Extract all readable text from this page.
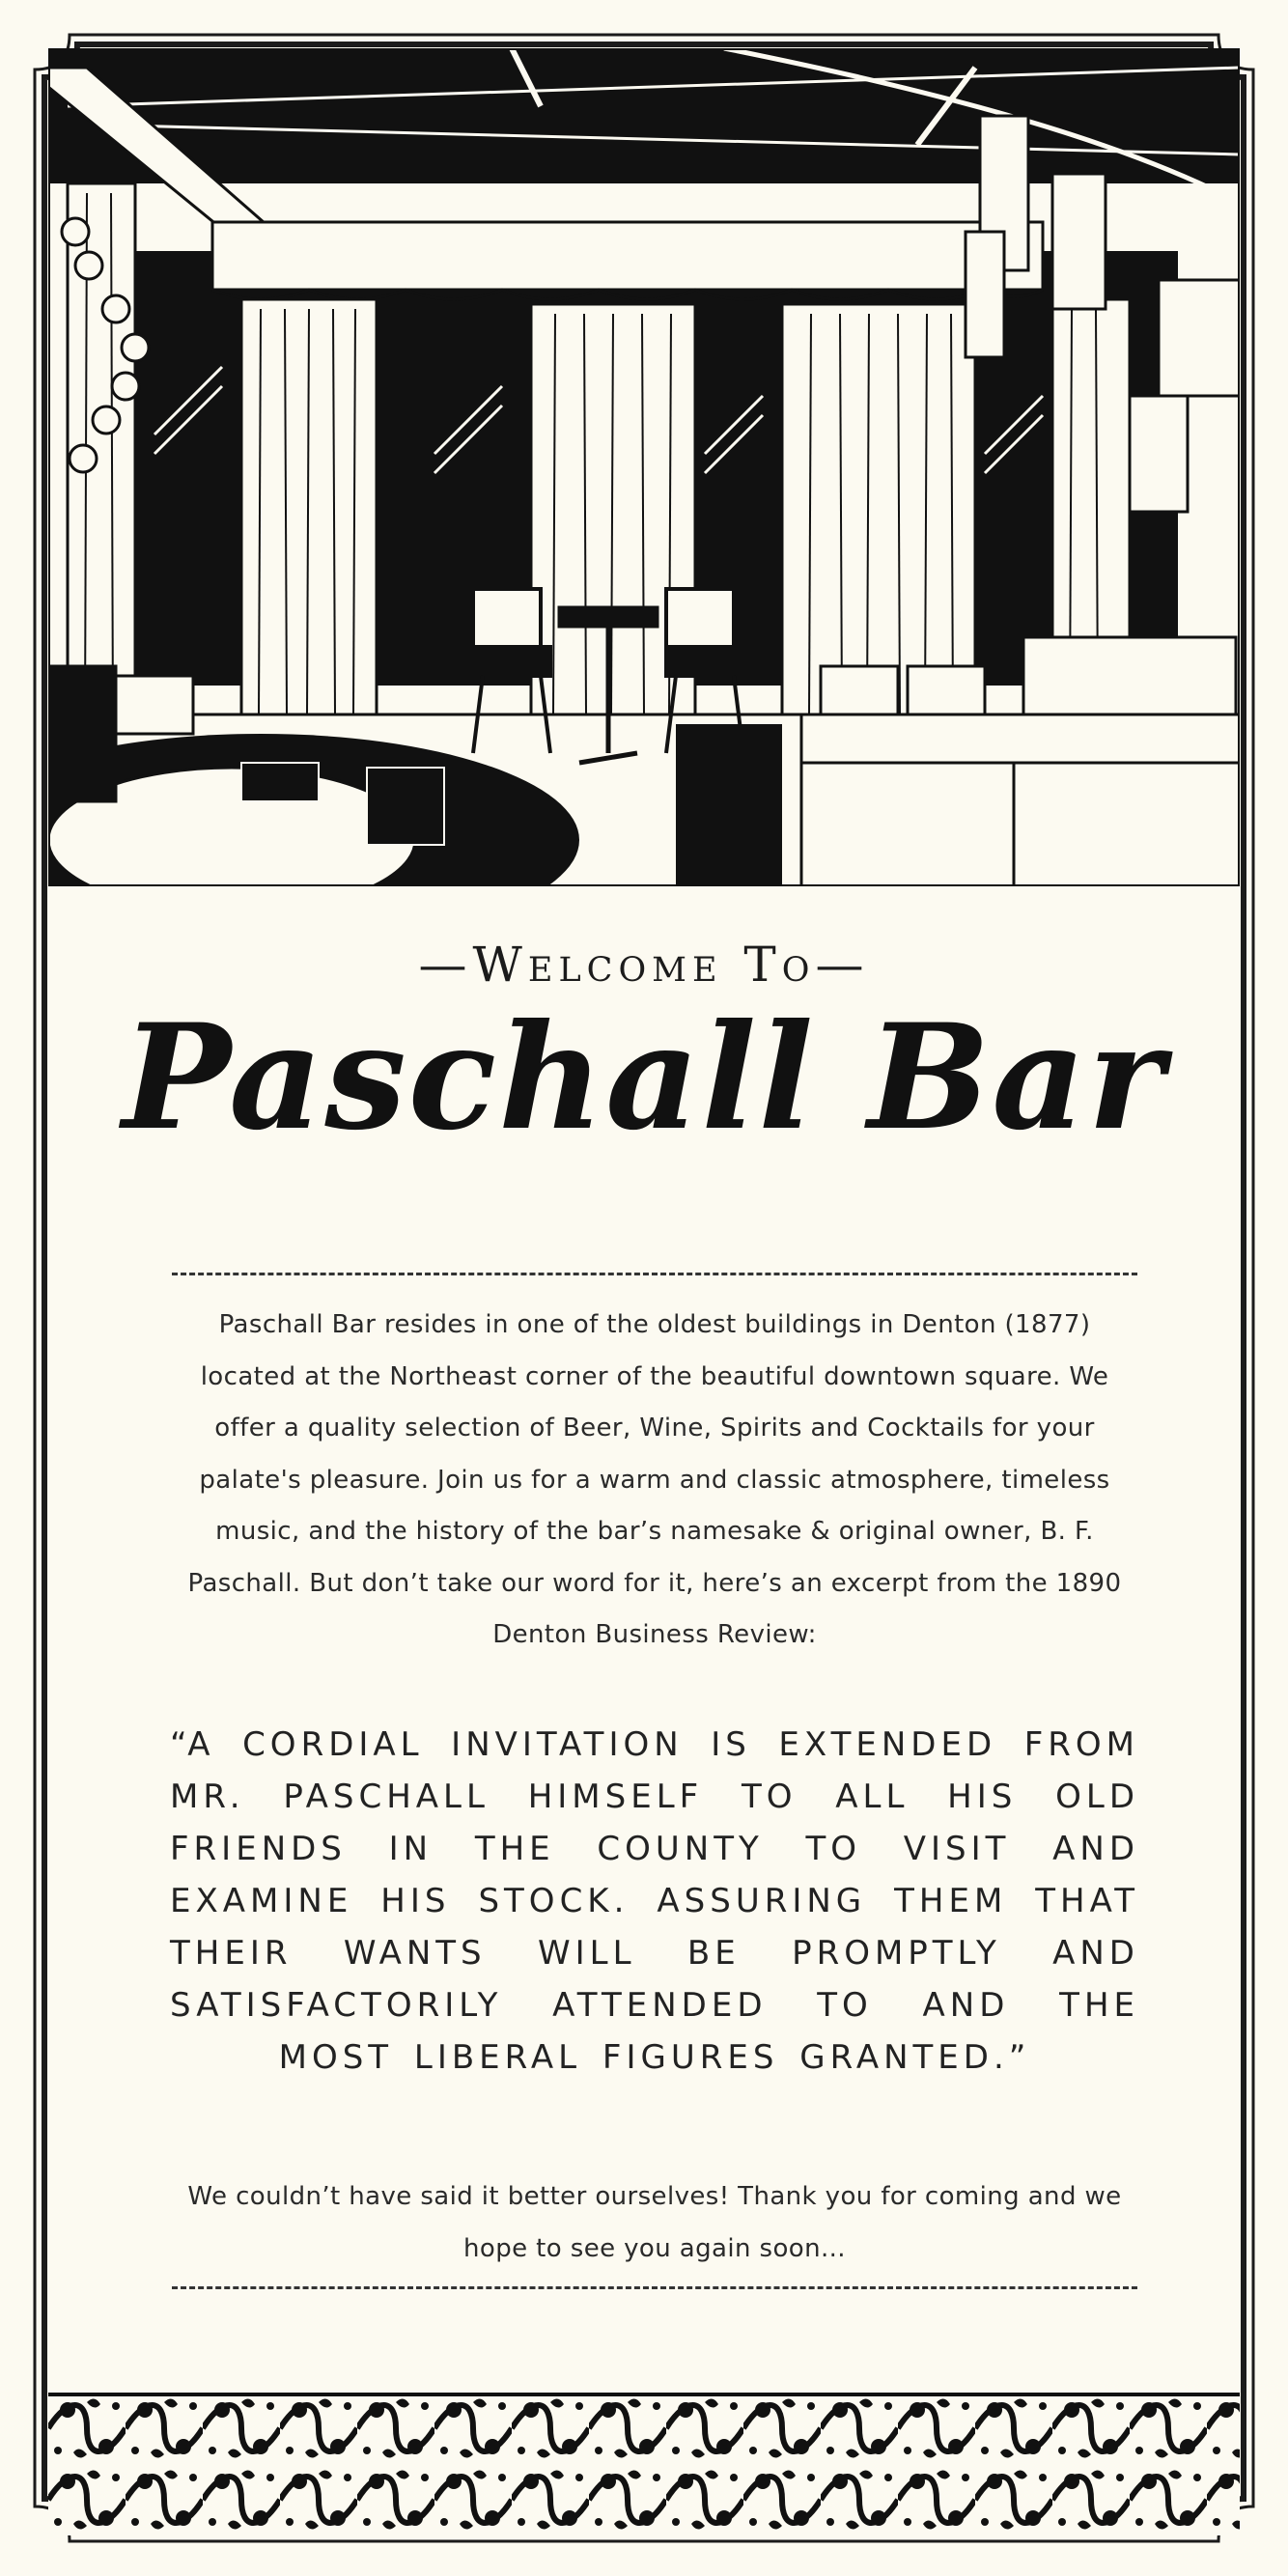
—Welcome To—
Paschall Bar
Paschall Bar resides in one of the oldest buildings in Denton (1877) located at the Northeast corner of the beautiful downtown square. We offer a quality selection of Beer, Wine, Spirits and Cocktails for your palate's pleasure. Join us for a warm and classic atmosphere, timeless music, and the history of the bar’s namesake & original owner, B. F. Paschall. But don’t take our word for it, here’s an excerpt from the 1890 Denton Business Review:
“A CORDIAL INVITATION IS EXTENDED FROM MR. PASCHALL HIMSELF TO ALL HIS OLD FRIENDS IN THE COUNTY TO VISIT AND EXAMINE HIS STOCK. ASSURING THEM THAT THEIR WANTS WILL BE PROMPTLY AND SATISFACTORILY ATTENDED TO AND THE MOST LIBERAL FIGURES GRANTED.”
We couldn’t have said it better ourselves! Thank you for coming and we hope to see you again soon...
